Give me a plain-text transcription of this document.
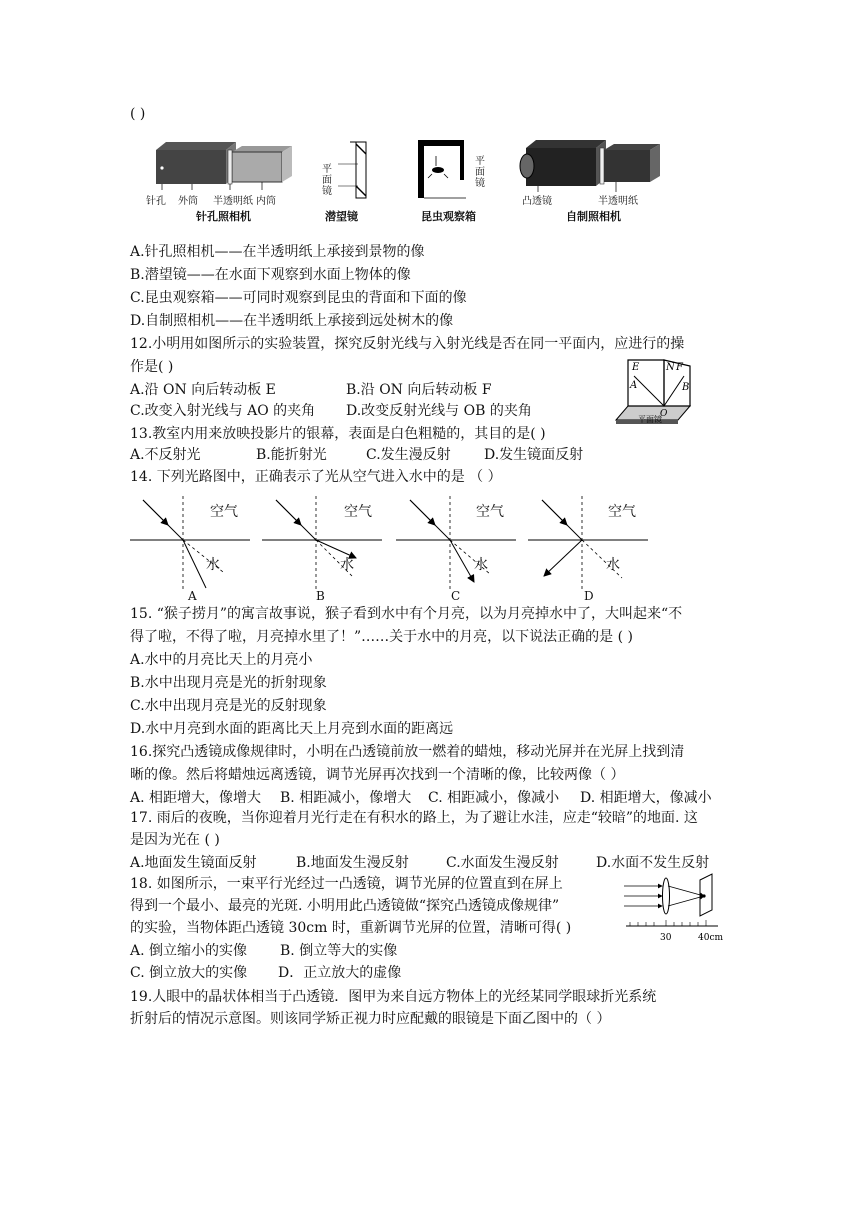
( )
针孔 外筒 半透明纸 内筒
针孔照相机
平
面
镜
潜望镜
平
面
镜
昆虫观察箱
凸透镜	半透明纸
自制照相机
A.针孔照相机——在半透明纸上承接到景物的像
B.潜望镜——在水面下观察到水面上物体的像
C.昆虫观察箱——可同时观察到昆虫的背面和下面的像
D.自制照相机——在半透明纸上承接到远处树木的像
12.小明用如图所示的实验装置，探究反射光线与入射光线是否在同一平面内，应进行的操
作是( )
A.沿 ON 向后转动板 E	B.沿 ON 向后转动板 F
C.改变入射光线与 AO 的夹角 D.改变反射光线与 OB 的夹角
E	N F
A	B
O
平面镜
13.教室内用来放映投影片的银幕，表面是白色粗糙的，其目的是( )
A.不反射光	B.能折射光	C.发生漫反射 D.发生镜面反射
14. 下列光路图中，正确表示了光从空气进入水中的是 （ ）
空气	空气	空气	空气
水	水	水	水
A	B	C	D
15. “猴子捞月”的寓言故事说，猴子看到水中有个月亮，以为月亮掉水中了，大叫起来“不
得了啦，不得了啦，月亮掉水里了！”……关于水中的月亮，以下说法正确的是 ( )
A.水中的月亮比天上的月亮小
B.水中出现月亮是光的折射现象
C.水中出现月亮是光的反射现象
D.水中月亮到水面的距离比天上月亮到水面的距离远
16.探究凸透镜成像规律时，小明在凸透镜前放一燃着的蜡烛，移动光屏并在光屏上找到清
晰的像。然后将蜡烛远离透镜，调节光屏再次找到一个清晰的像，比较两像（ ）
A. 相距增大，像增大 B. 相距减小，像增大 C. 相距减小，像减小 D. 相距增大，像减小
17. 雨后的夜晚，当你迎着月光行走在有积水的路上，为了避让水洼，应走“较暗”的地面. 这
是因为光在 ( )
A.地面发生镜面反射	B.地面发生漫反射	C.水面发生漫反射	D.水面不发生反射
18. 如图所示，一束平行光经过一凸透镜，调节光屏的位置直到在屏上
得到一个最小、最亮的光斑. 小明用此凸透镜做“探究凸透镜成像规律”
的实验，当物体距凸透镜 30cm 时，重新调节光屏的位置，清晰可得( )
A. 倒立缩小的实像 B. 倒立等大的实像
C. 倒立放大的实像 D．正立放大的虚像
30	40cm
19.人眼中的晶状体相当于凸透镜．图甲为来自远方物体上的光经某同学眼球折光系统
折射后的情况示意图。则该同学矫正视力时应配戴的眼镜是下面乙图中的（ ）
